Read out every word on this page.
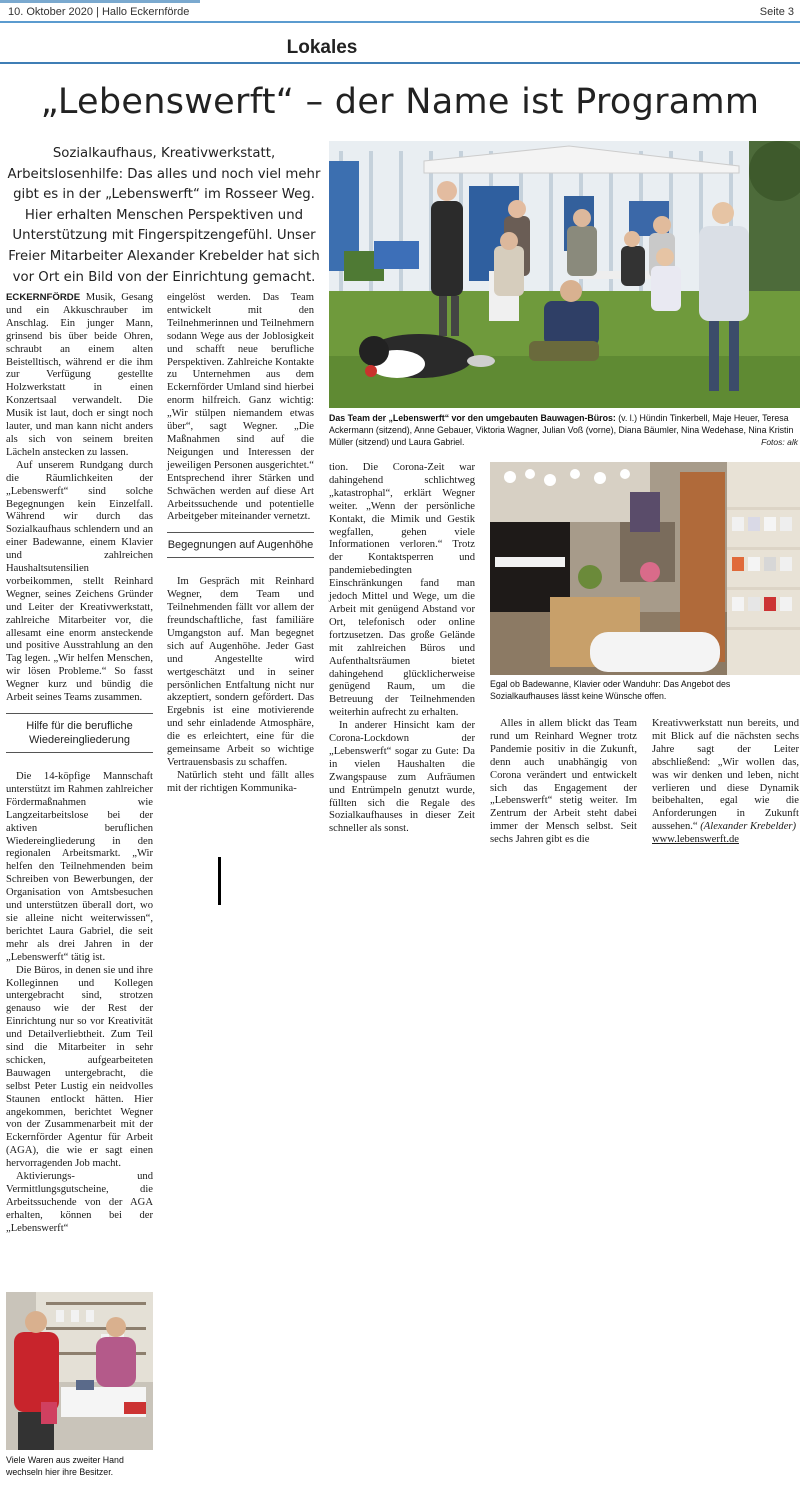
10. Oktober 2020 | Hallo Eckernförde	Seite 3
Lokales
„Lebenswerft“ – der Name ist Programm
Sozialkaufhaus, Kreativwerkstatt, Arbeitslosenhilfe: Das alles und noch viel mehr gibt es in der „Lebenswerft“ im Rosseer Weg. Hier erhalten Menschen Perspektiven und Unterstützung mit Fingerspitzengefühl. Unser Freier Mitarbeiter Alexander Krebelder hat sich vor Ort ein Bild von der Einrichtung gemacht.
Das Team der „Lebenswerft“ vor den umgebauten Bauwagen-Büros: (v. l.) Hündin Tinkerbell, Maje Heuer, Teresa Ackermann (sitzend), Anne Gebauer, Viktoria Wagner, Julian Voß (vorne), Diana Bäumler, Nina Wedehase, Nina Kristin Müller (sitzend) und Laura Gabriel.	Fotos: alk
Egal ob Badewanne, Klavier oder Wanduhr: Das Angebot des Sozialkaufhauses lässt keine Wünsche offen.

ECKERNFÖRDE Musik, Gesang und ein Akkuschrauber im Anschlag. Ein junger Mann, grinsend bis über beide Ohren, schraubt an einem alten Beistelltisch, während er die ihm zur Verfügung gestellte Holzwerkstatt in einen Konzertsaal verwandelt. Die Musik ist laut, doch er singt noch lauter, und man kann nicht anders als sich von seinem breiten Lächeln anstecken zu lassen.

Auf unserem Rundgang durch die Räumlichkeiten der „Lebenswerft“ sind solche Begegnungen kein Einzelfall. Während wir durch das Sozialkaufhaus schlendern und an einer Badewanne, einem Klavier und zahlreichen Haushaltsutensilien vorbeikommen, stellt Reinhard Wegner, seines Zeichens Gründer und Leiter der Kreativwerkstatt, zahlreiche Mitarbeiter vor, die allesamt eine enorm ansteckende und positive Ausstrahlung an den Tag legen. „Wir helfen Menschen, wir lösen Probleme.“ So fasst Wegner kurz und bündig die Arbeit seines Teams zusammen.

Hilfe für die berufliche Wiedereingliederung

Die 14-köpfige Mannschaft unterstützt im Rahmen zahlreicher Fördermaßnahmen wie Langzeitarbeitslose bei der aktiven beruflichen Wiedereingliederung in den regionalen Arbeitsmarkt. „Wir helfen den Teilnehmenden beim Schreiben von Bewerbungen, der Organisation von Amtsbesuchen und unterstützen überall dort, wo sie alleine nicht weiterwissen“, berichtet Laura Gabriel, die seit mehr als drei Jahren in der „Lebenswerft“ tätig ist.

Die Büros, in denen sie und ihre Kolleginnen und Kollegen untergebracht sind, strotzen genauso wie der Rest der Einrichtung nur so vor Kreativität und Detailverliebtheit. Zum Teil sind die Mitarbeiter in sehr schicken, aufgearbeiteten Bauwagen untergebracht, die selbst Peter Lustig ein neidvolles Staunen entlockt hätten. Hier angekommen, berichtet Wegner von der Zusammenarbeit mit der Eckernförder Agentur für Arbeit (AGA), die wie er sagt einen hervorragenden Job macht.

Aktivierungs- und Vermittlungsgutscheine, die Arbeitssuchende von der AGA erhalten, können bei der „Lebenswerft“

Viele Waren aus zweiter Hand wechseln hier ihre Besitzer.

eingelöst werden. Das Team entwickelt mit den Teilnehmerinnen und Teilnehmern sodann Wege aus der Joblosigkeit und schafft neue berufliche Perspektiven. Zahlreiche Kontakte zu Unternehmen aus dem Eckernförder Umland sind hierbei enorm hilfreich. Ganz wichtig: „Wir stülpen niemandem etwas über“, sagt Wegner. „Die Maßnahmen sind auf die Neigungen und Interessen der jeweiligen Personen ausgerichtet.“ Entsprechend ihrer Stärken und Schwächen werden auf diese Art Arbeitssuchende und potentielle Arbeitgeber miteinander vernetzt.

Begegnungen auf Augenhöhe

Im Gespräch mit Reinhard Wegner, dem Team und Teilnehmenden fällt vor allem der freundschaftliche, fast familiäre Umgangston auf. Man begegnet sich auf Augenhöhe. Jeder Gast und Angestellte wird wertgeschätzt und in seiner persönlichen Entfaltung nicht nur akzeptiert, sondern gefördert. Das Ergebnis ist eine motivierende und sehr einladende Atmosphäre, die es erleichtert, eine für die gemeinsame Arbeit so wichtige Vertrauensbasis zu schaffen.

Natürlich steht und fällt alles mit der richtigen Kommunika-

tion. Die Corona-Zeit war dahingehend schlichtweg „katastrophal“, erklärt Wegner weiter. „Wenn der persönliche Kontakt, die Mimik und Gestik wegfallen, gehen viele Informationen verloren.“ Trotz der Kontaktsperren und pandemiebedingten Einschränkungen fand man jedoch Mittel und Wege, um die Arbeit mit genügend Abstand vor Ort, telefonisch oder online fortzusetzen. Das große Gelände mit zahlreichen Büros und Aufenthaltsräumen bietet dahingehend glücklicherweise genügend Raum, um die Betreuung der Teilnehmenden weiterhin aufrecht zu erhalten.

In anderer Hinsicht kam der Corona-Lockdown der „Lebenswerft“ sogar zu Gute: Da in vielen Haushalten die Zwangspause zum Aufräumen und Entrümpeln genutzt wurde, füllten sich die Regale des Sozialkaufhauses in dieser Zeit schneller als sonst.

Alles in allem blickt das Team rund um Reinhard Wegner trotz Pandemie positiv in die Zukunft, denn auch unabhängig von Corona verändert und entwickelt sich das Engagement der „Lebenswerft“ stetig weiter. Im Zentrum der Arbeit steht dabei immer der Mensch selbst. Seit sechs Jahren gibt es die

Kreativwerkstatt nun bereits, und mit Blick auf die nächsten sechs Jahre sagt der Leiter abschließend: „Wir wollen das, was wir denken und leben, nicht verlieren und diese Dynamik beibehalten, egal wie die Anforderungen in Zukunft aussehen.“ (Alexander Krebelder)
www.lebenswerft.de
